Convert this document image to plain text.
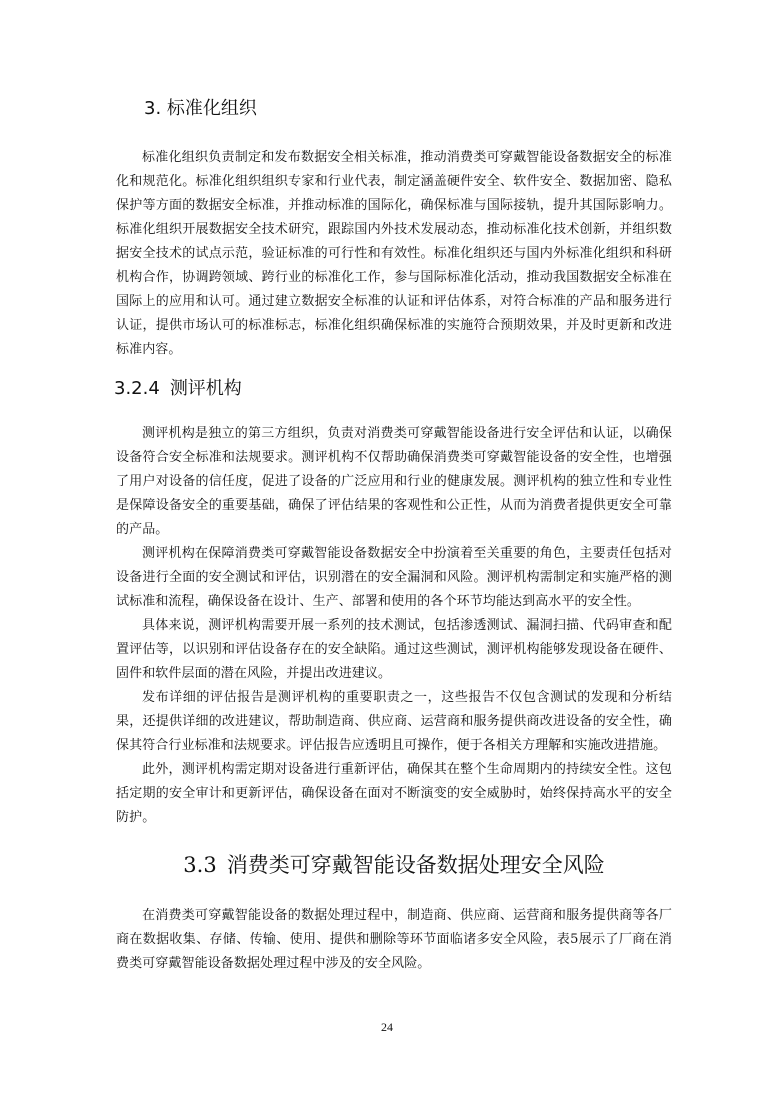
3. 标准化组织

标准化组织负责制定和发布数据安全相关标准，推动消费类可穿戴智能设备数据安全的标准化和规范化。标准化组织组织专家和行业代表，制定涵盖硬件安全、软件安全、数据加密、隐私保护等方面的数据安全标准，并推动标准的国际化，确保标准与国际接轨，提升其国际影响力。标准化组织开展数据安全技术研究，跟踪国内外技术发展动态，推动标准化技术创新，并组织数据安全技术的试点示范，验证标准的可行性和有效性。标准化组织还与国内外标准化组织和科研机构合作，协调跨领域、跨行业的标准化工作，参与国际标准化活动，推动我国数据安全标准在国际上的应用和认可。通过建立数据安全标准的认证和评估体系，对符合标准的产品和服务进行认证，提供市场认可的标准标志，标准化组织确保标准的实施符合预期效果，并及时更新和改进标准内容。

3.2.4 测评机构

测评机构是独立的第三方组织，负责对消费类可穿戴智能设备进行安全评估和认证，以确保设备符合安全标准和法规要求。测评机构不仅帮助确保消费类可穿戴智能设备的安全性，也增强了用户对设备的信任度，促进了设备的广泛应用和行业的健康发展。测评机构的独立性和专业性是保障设备安全的重要基础，确保了评估结果的客观性和公正性，从而为消费者提供更安全可靠的产品。

测评机构在保障消费类可穿戴智能设备数据安全中扮演着至关重要的角色，主要责任包括对设备进行全面的安全测试和评估，识别潜在的安全漏洞和风险。测评机构需制定和实施严格的测试标准和流程，确保设备在设计、生产、部署和使用的各个环节均能达到高水平的安全性。

具体来说，测评机构需要开展一系列的技术测试，包括渗透测试、漏洞扫描、代码审查和配置评估等，以识别和评估设备存在的安全缺陷。通过这些测试，测评机构能够发现设备在硬件、固件和软件层面的潜在风险，并提出改进建议。

发布详细的评估报告是测评机构的重要职责之一，这些报告不仅包含测试的发现和分析结果，还提供详细的改进建议，帮助制造商、供应商、运营商和服务提供商改进设备的安全性，确保其符合行业标准和法规要求。评估报告应透明且可操作，便于各相关方理解和实施改进措施。

此外，测评机构需定期对设备进行重新评估，确保其在整个生命周期内的持续安全性。这包括定期的安全审计和更新评估，确保设备在面对不断演变的安全威胁时，始终保持高水平的安全防护。

3.3 消费类可穿戴智能设备数据处理安全风险

在消费类可穿戴智能设备的数据处理过程中，制造商、供应商、运营商和服务提供商等各厂商在数据收集、存储、传输、使用、提供和删除等环节面临诸多安全风险，表5展示了厂商在消费类可穿戴智能设备数据处理过程中涉及的安全风险。

24
